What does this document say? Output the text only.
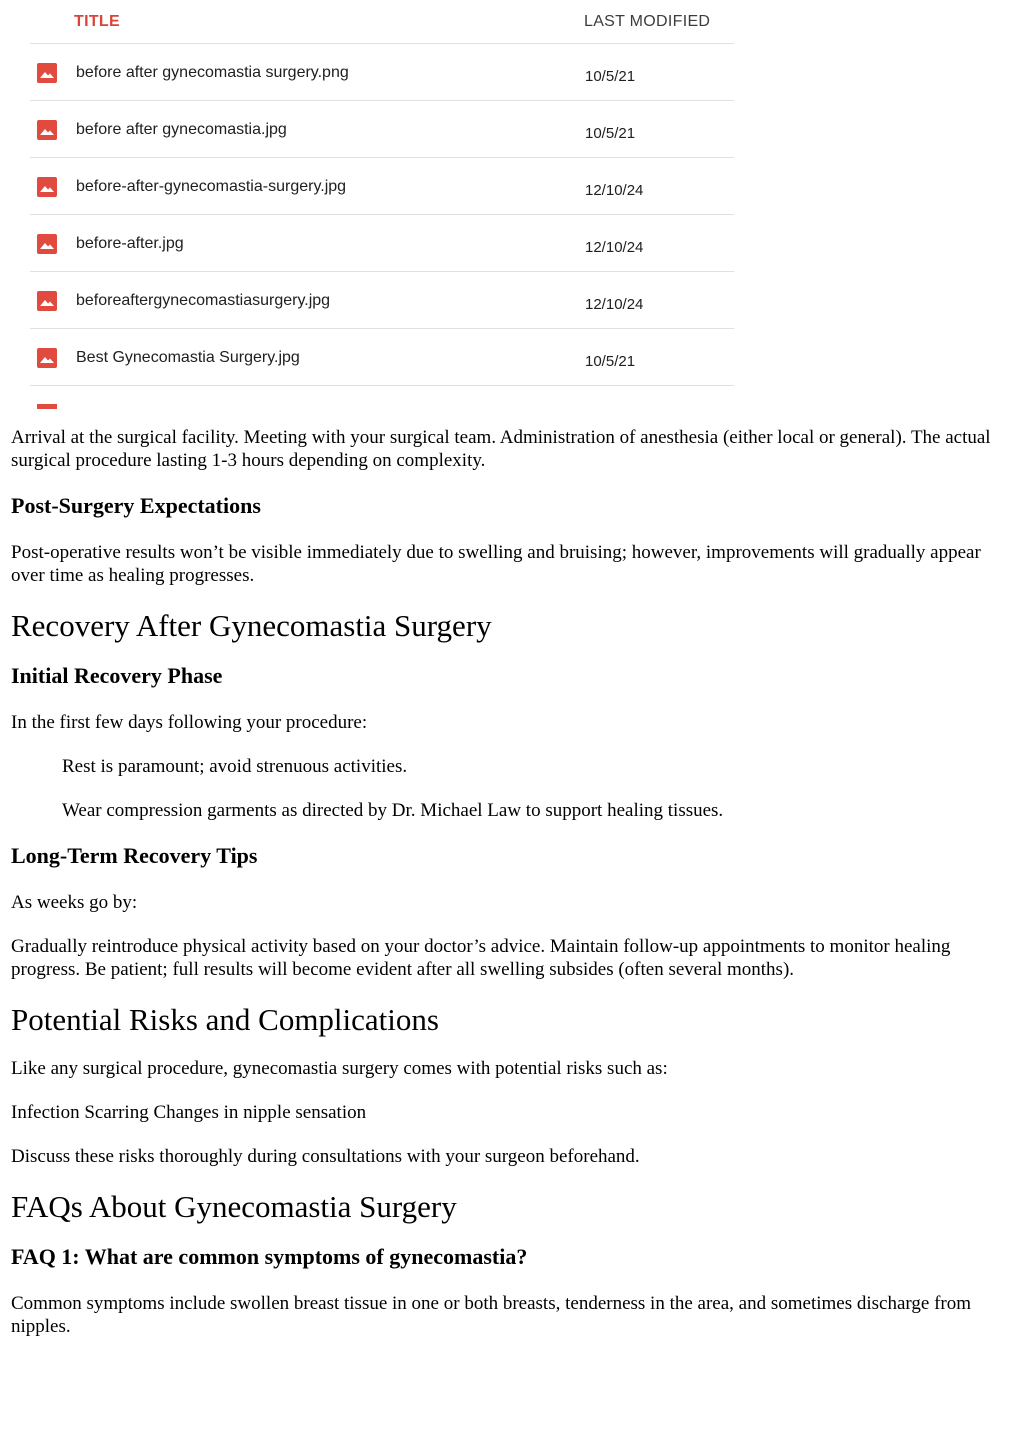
TITLE	LAST MODIFIED
before after gynecomastia surgery.png	10/5/21
before after gynecomastia.jpg	10/5/21
before-after-gynecomastia-surgery.jpg	12/10/24
before-after.jpg	12/10/24
beforeaftergynecomastiasurgery.jpg	12/10/24
Best Gynecomastia Surgery.jpg	10/5/21

Arrival at the surgical facility. Meeting with your surgical team. Administration of anesthesia (either local or general). The actual surgical procedure lasting 1-3 hours depending on complexity.

Post-Surgery Expectations

Post-operative results won’t be visible immediately due to swelling and bruising; however, improvements will gradually appear over time as healing progresses.

Recovery After Gynecomastia Surgery
Initial Recovery Phase

In the first few days following your procedure:

Rest is paramount; avoid strenuous activities.

Wear compression garments as directed by Dr. Michael Law to support healing tissues.

Long-Term Recovery Tips

As weeks go by:

Gradually reintroduce physical activity based on your doctor’s advice. Maintain follow-up appointments to monitor healing progress. Be patient; full results will become evident after all swelling subsides (often several months).

Potential Risks and Complications

Like any surgical procedure, gynecomastia surgery comes with potential risks such as:

Infection Scarring Changes in nipple sensation

Discuss these risks thoroughly during consultations with your surgeon beforehand.

FAQs About Gynecomastia Surgery
FAQ 1: What are common symptoms of gynecomastia?

Common symptoms include swollen breast tissue in one or both breasts, tenderness in the area, and sometimes discharge from nipples.
